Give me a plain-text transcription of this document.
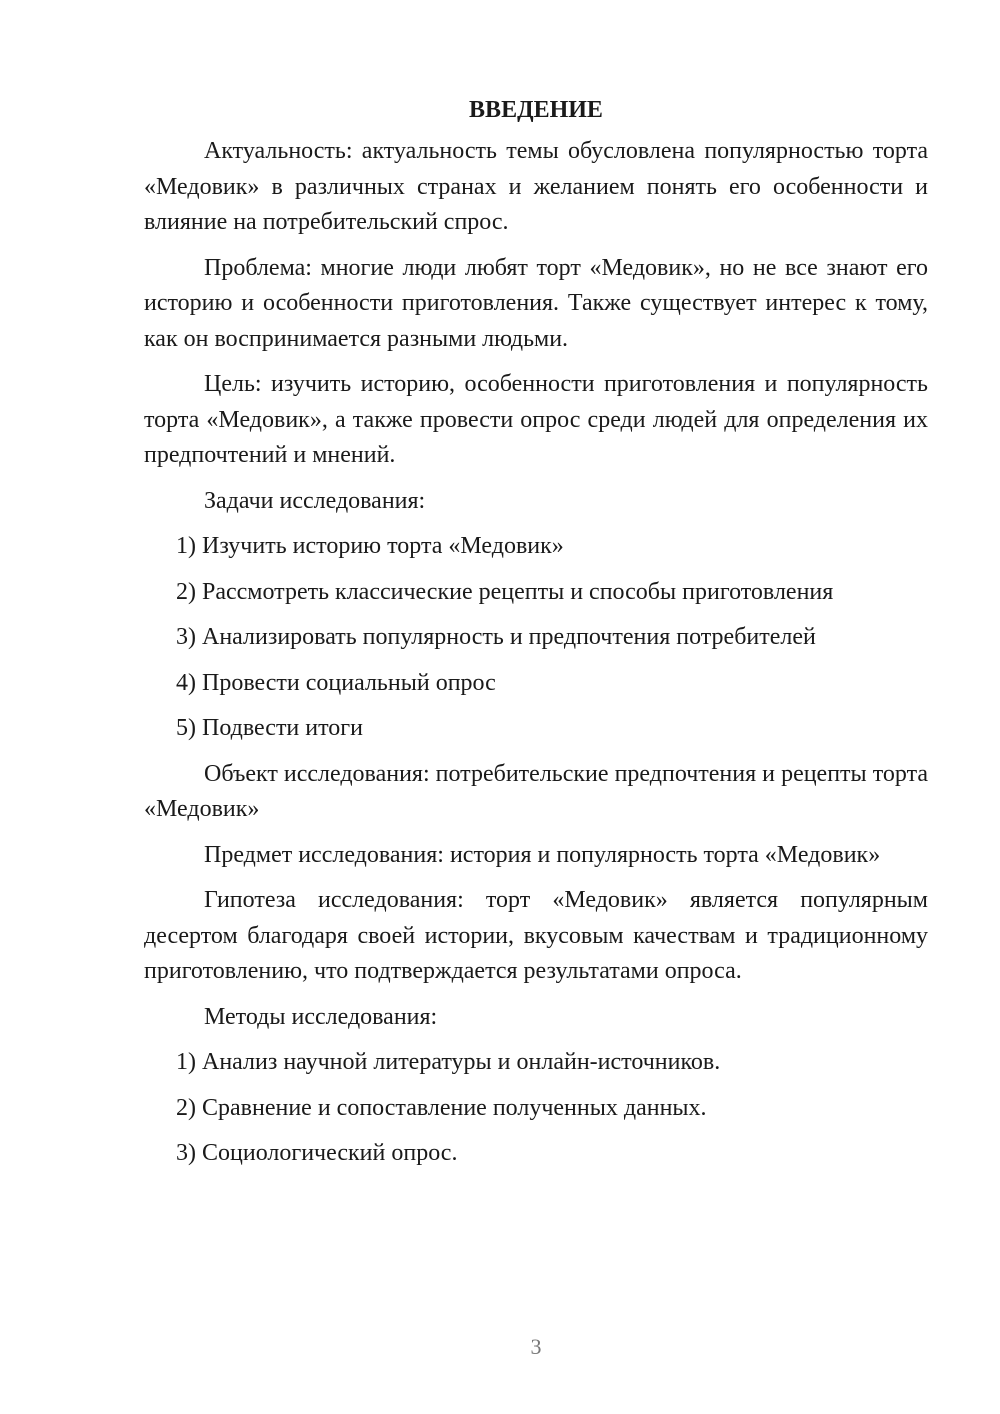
ВВЕДЕНИЕ

Актуальность: актуальность темы обусловлена популярностью торта «Медовик» в различных странах и желанием понять его особенности и влияние на потребительский спрос.

Проблема: многие люди любят торт «Медовик», но не все знают его историю и особенности приготовления. Также существует интерес к тому, как он воспринимается разными людьми.

Цель: изучить историю, особенности приготовления и популярность торта «Медовик», а также провести опрос среди людей для определения их предпочтений и мнений.

Задачи исследования:

1) Изучить историю торта «Медовик»

2) Рассмотреть классические рецепты и способы приготовления

3) Анализировать популярность и предпочтения потребителей

4) Провести социальный опрос

5) Подвести итоги

Объект исследования: потребительские предпочтения и рецепты торта «Медовик»

Предмет исследования: история и популярность торта «Медовик»

Гипотеза исследования: торт «Медовик» является популярным десертом благодаря своей истории, вкусовым качествам и традиционному приготовлению, что подтверждается результатами опроса.

Методы исследования:

1) Анализ научной литературы и онлайн-источников.

2) Сравнение и сопоставление полученных данных.

3) Социологический опрос.

3
